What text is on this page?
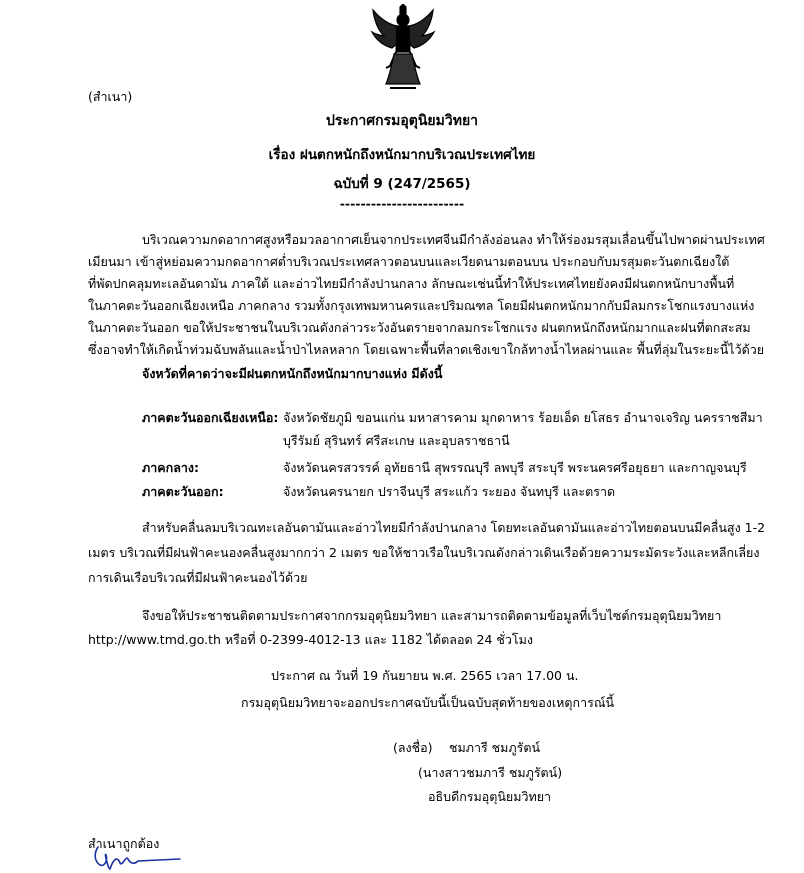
(สำเนา)
ประกาศกรมอุตุนิยมวิทยา
เรื่อง ฝนตกหนักถึงหนักมากบริเวณประเทศไทย
ฉบับที่ 9 (247/2565)
------------------------
บริเวณความกดอากาศสูงหรือมวลอากาศเย็นจากประเทศจีนมีกำลังอ่อนลง ทำให้ร่องมรสุมเลื่อนขึ้นไปพาดผ่านประเทศ
เมียนมา เข้าสู่หย่อมความกดอากาศต่ำบริเวณประเทศลาวตอนบนและเวียดนามตอนบน ประกอบกับมรสุมตะวันตกเฉียงใต้
ที่พัดปกคลุมทะเลอันดามัน ภาคใต้ และอ่าวไทยมีกำลังปานกลาง ลักษณะเช่นนี้ทำให้ประเทศไทยยังคงมีฝนตกหนักบางพื้นที่
ในภาคตะวันออกเฉียงเหนือ ภาคกลาง รวมทั้งกรุงเทพมหานครและปริมณฑล โดยมีฝนตกหนักมากกับมีลมกระโชกแรงบางแห่ง
ในภาคตะวันออก ขอให้ประชาชนในบริเวณดังกล่าวระวังอันตรายจากลมกระโชกแรง ฝนตกหนักถึงหนักมากและฝนที่ตกสะสม
ซึ่งอาจทำให้เกิดน้ำท่วมฉับพลันและน้ำป่าไหลหลาก โดยเฉพาะพื้นที่ลาดเชิงเขาใกล้ทางน้ำไหลผ่านและ พื้นที่ลุ่มในระยะนี้ไว้ด้วย
จังหวัดที่คาดว่าจะมีฝนตกหนักถึงหนักมากบางแห่ง มีดังนี้
ภาคตะวันออกเฉียงเหนือ: จังหวัดชัยภูมิ ขอนแก่น มหาสารคาม มุกดาหาร ร้อยเอ็ด ยโสธร อำนาจเจริญ นครราชสีมา
บุรีรัมย์ สุรินทร์ ศรีสะเกษ และอุบลราชธานี
ภาคกลาง:	จังหวัดนครสวรรค์ อุทัยธานี สุพรรณบุรี ลพบุรี สระบุรี พระนครศรีอยุธยา และกาญจนบุรี
ภาคตะวันออก:	จังหวัดนครนายก ปราจีนบุรี สระแก้ว ระยอง จันทบุรี และตราด
สำหรับคลื่นลมบริเวณทะเลอันดามันและอ่าวไทยมีกำลังปานกลาง โดยทะเลอันดามันและอ่าวไทยตอนบนมีคลื่นสูง 1-2
เมตร บริเวณที่มีฝนฟ้าคะนองคลื่นสูงมากกว่า 2 เมตร ขอให้ชาวเรือในบริเวณดังกล่าวเดินเรือด้วยความระมัดระวังและหลีกเลี่ยง
การเดินเรือบริเวณที่มีฝนฟ้าคะนองไว้ด้วย
จึงขอให้ประชาชนติดตามประกาศจากกรมอุตุนิยมวิทยา และสามารถติดตามข้อมูลที่เว็บไซต์กรมอุตุนิยมวิทยา
http://www.tmd.go.th หรือที่ 0-2399-4012-13 และ 1182 ได้ตลอด 24 ชั่วโมง
ประกาศ ณ วันที่ 19 กันยายน พ.ศ. 2565 เวลา 17.00 น.
กรมอุตุนิยมวิทยาจะออกประกาศฉบับนี้เป็นฉบับสุดท้ายของเหตุการณ์นี้
(ลงชื่อ) ชมภารี ชมภูรัตน์
(นางสาวชมภารี ชมภูรัตน์)
อธิบดีกรมอุตุนิยมวิทยา
สำเนาถูกต้อง
